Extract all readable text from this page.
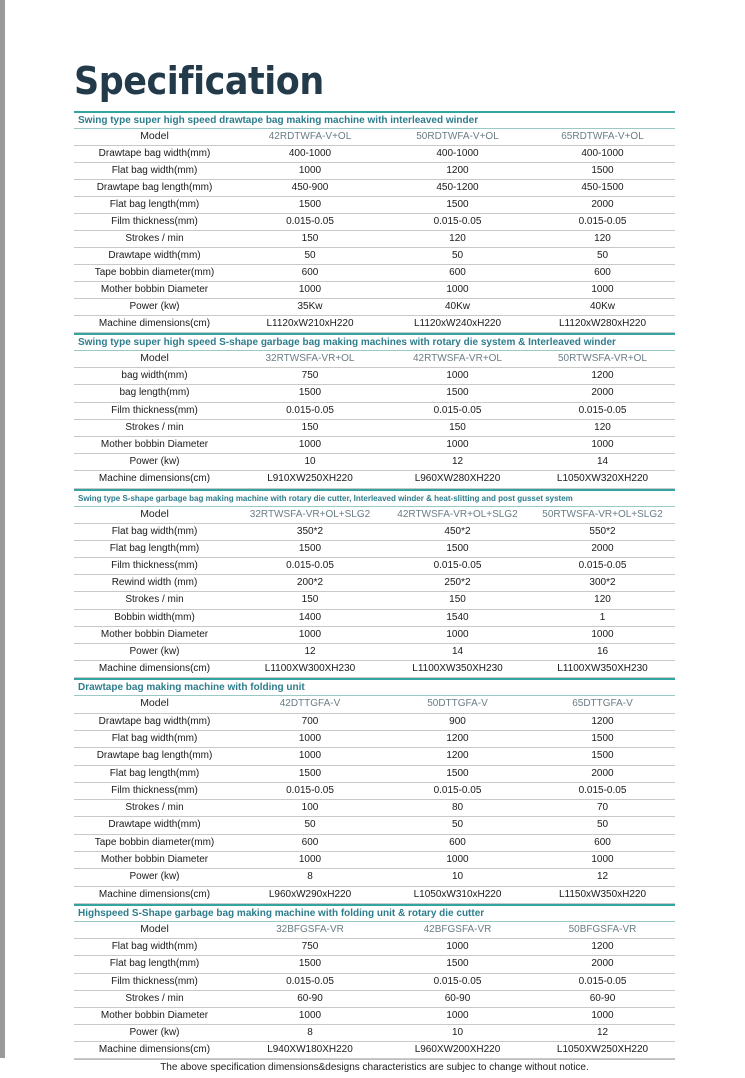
Specification
Swing type super high speed drawtape bag making machine with interleaved winder
Model	42RDTWFA-V+OL	50RDTWFA-V+OL	65RDTWFA-V+OL
Drawtape bag width(mm)	400-1000	400-1000	400-1000
Flat bag width(mm)	1000	1200	1500
Drawtape bag length(mm)	450-900	450-1200	450-1500
Flat bag length(mm)	1500	1500	2000
Film thickness(mm)	0.015-0.05	0.015-0.05	0.015-0.05
Strokes / min	150	120	120
Drawtape width(mm)	50	50	50
Tape bobbin diameter(mm)	600	600	600
Mother bobbin Diameter	1000	1000	1000
Power (kw)	35Kw	40Kw	40Kw
Machine dimensions(cm)	L1120xW210xH220	L1120xW240xH220	L1120xW280xH220
Swing type super high speed S-shape garbage bag making machines with rotary die system & Interleaved winder
Model	32RTWSFA-VR+OL	42RTWSFA-VR+OL	50RTWSFA-VR+OL
bag width(mm)	750	1000	1200
bag length(mm)	1500	1500	2000
Film thickness(mm)	0.015-0.05	0.015-0.05	0.015-0.05
Strokes / min	150	150	120
Mother bobbin Diameter	1000	1000	1000
Power (kw)	10	12	14
Machine dimensions(cm)	L910XW250XH220	L960XW280XH220	L1050XW320XH220
Swing type S-shape garbage bag making machine with rotary die cutter, Interleaved winder & heat-slitting and post gusset system
Model	32RTWSFA-VR+OL+SLG2	42RTWSFA-VR+OL+SLG2	50RTWSFA-VR+OL+SLG2
Flat bag width(mm)	350*2	450*2	550*2
Flat bag length(mm)	1500	1500	2000
Film thickness(mm)	0.015-0.05	0.015-0.05	0.015-0.05
Rewind width (mm)	200*2	250*2	300*2
Strokes / min	150	150	120
Bobbin width(mm)	1400	1540	1
Mother bobbin Diameter	1000	1000	1000
Power (kw)	12	14	16
Machine dimensions(cm)	L1100XW300XH230	L1100XW350XH230	L1100XW350XH230
Drawtape bag making machine with folding unit
Model	42DTTGFA-V	50DTTGFA-V	65DTTGFA-V
Drawtape bag width(mm)	700	900	1200
Flat bag width(mm)	1000	1200	1500
Drawtape bag length(mm)	1000	1200	1500
Flat bag length(mm)	1500	1500	2000
Film thickness(mm)	0.015-0.05	0.015-0.05	0.015-0.05
Strokes / min	100	80	70
Drawtape width(mm)	50	50	50
Tape bobbin diameter(mm)	600	600	600
Mother bobbin Diameter	1000	1000	1000
Power (kw)	8	10	12
Machine dimensions(cm)	L960xW290xH220	L1050xW310xH220	L1150xW350xH220
Highspeed S-Shape garbage bag making machine with folding unit & rotary die cutter
Model	32BFGSFA-VR	42BFGSFA-VR	50BFGSFA-VR
Flat bag width(mm)	750	1000	1200
Flat bag length(mm)	1500	1500	2000
Film thickness(mm)	0.015-0.05	0.015-0.05	0.015-0.05
Strokes / min	60-90	60-90	60-90
Mother bobbin Diameter	1000	1000	1000
Power (kw)	8	10	12
Machine dimensions(cm)	L940XW180XH220	L960XW200XH220	L1050XW250XH220
The above specification dimensions&designs characteristics are subjec to change without notice.
